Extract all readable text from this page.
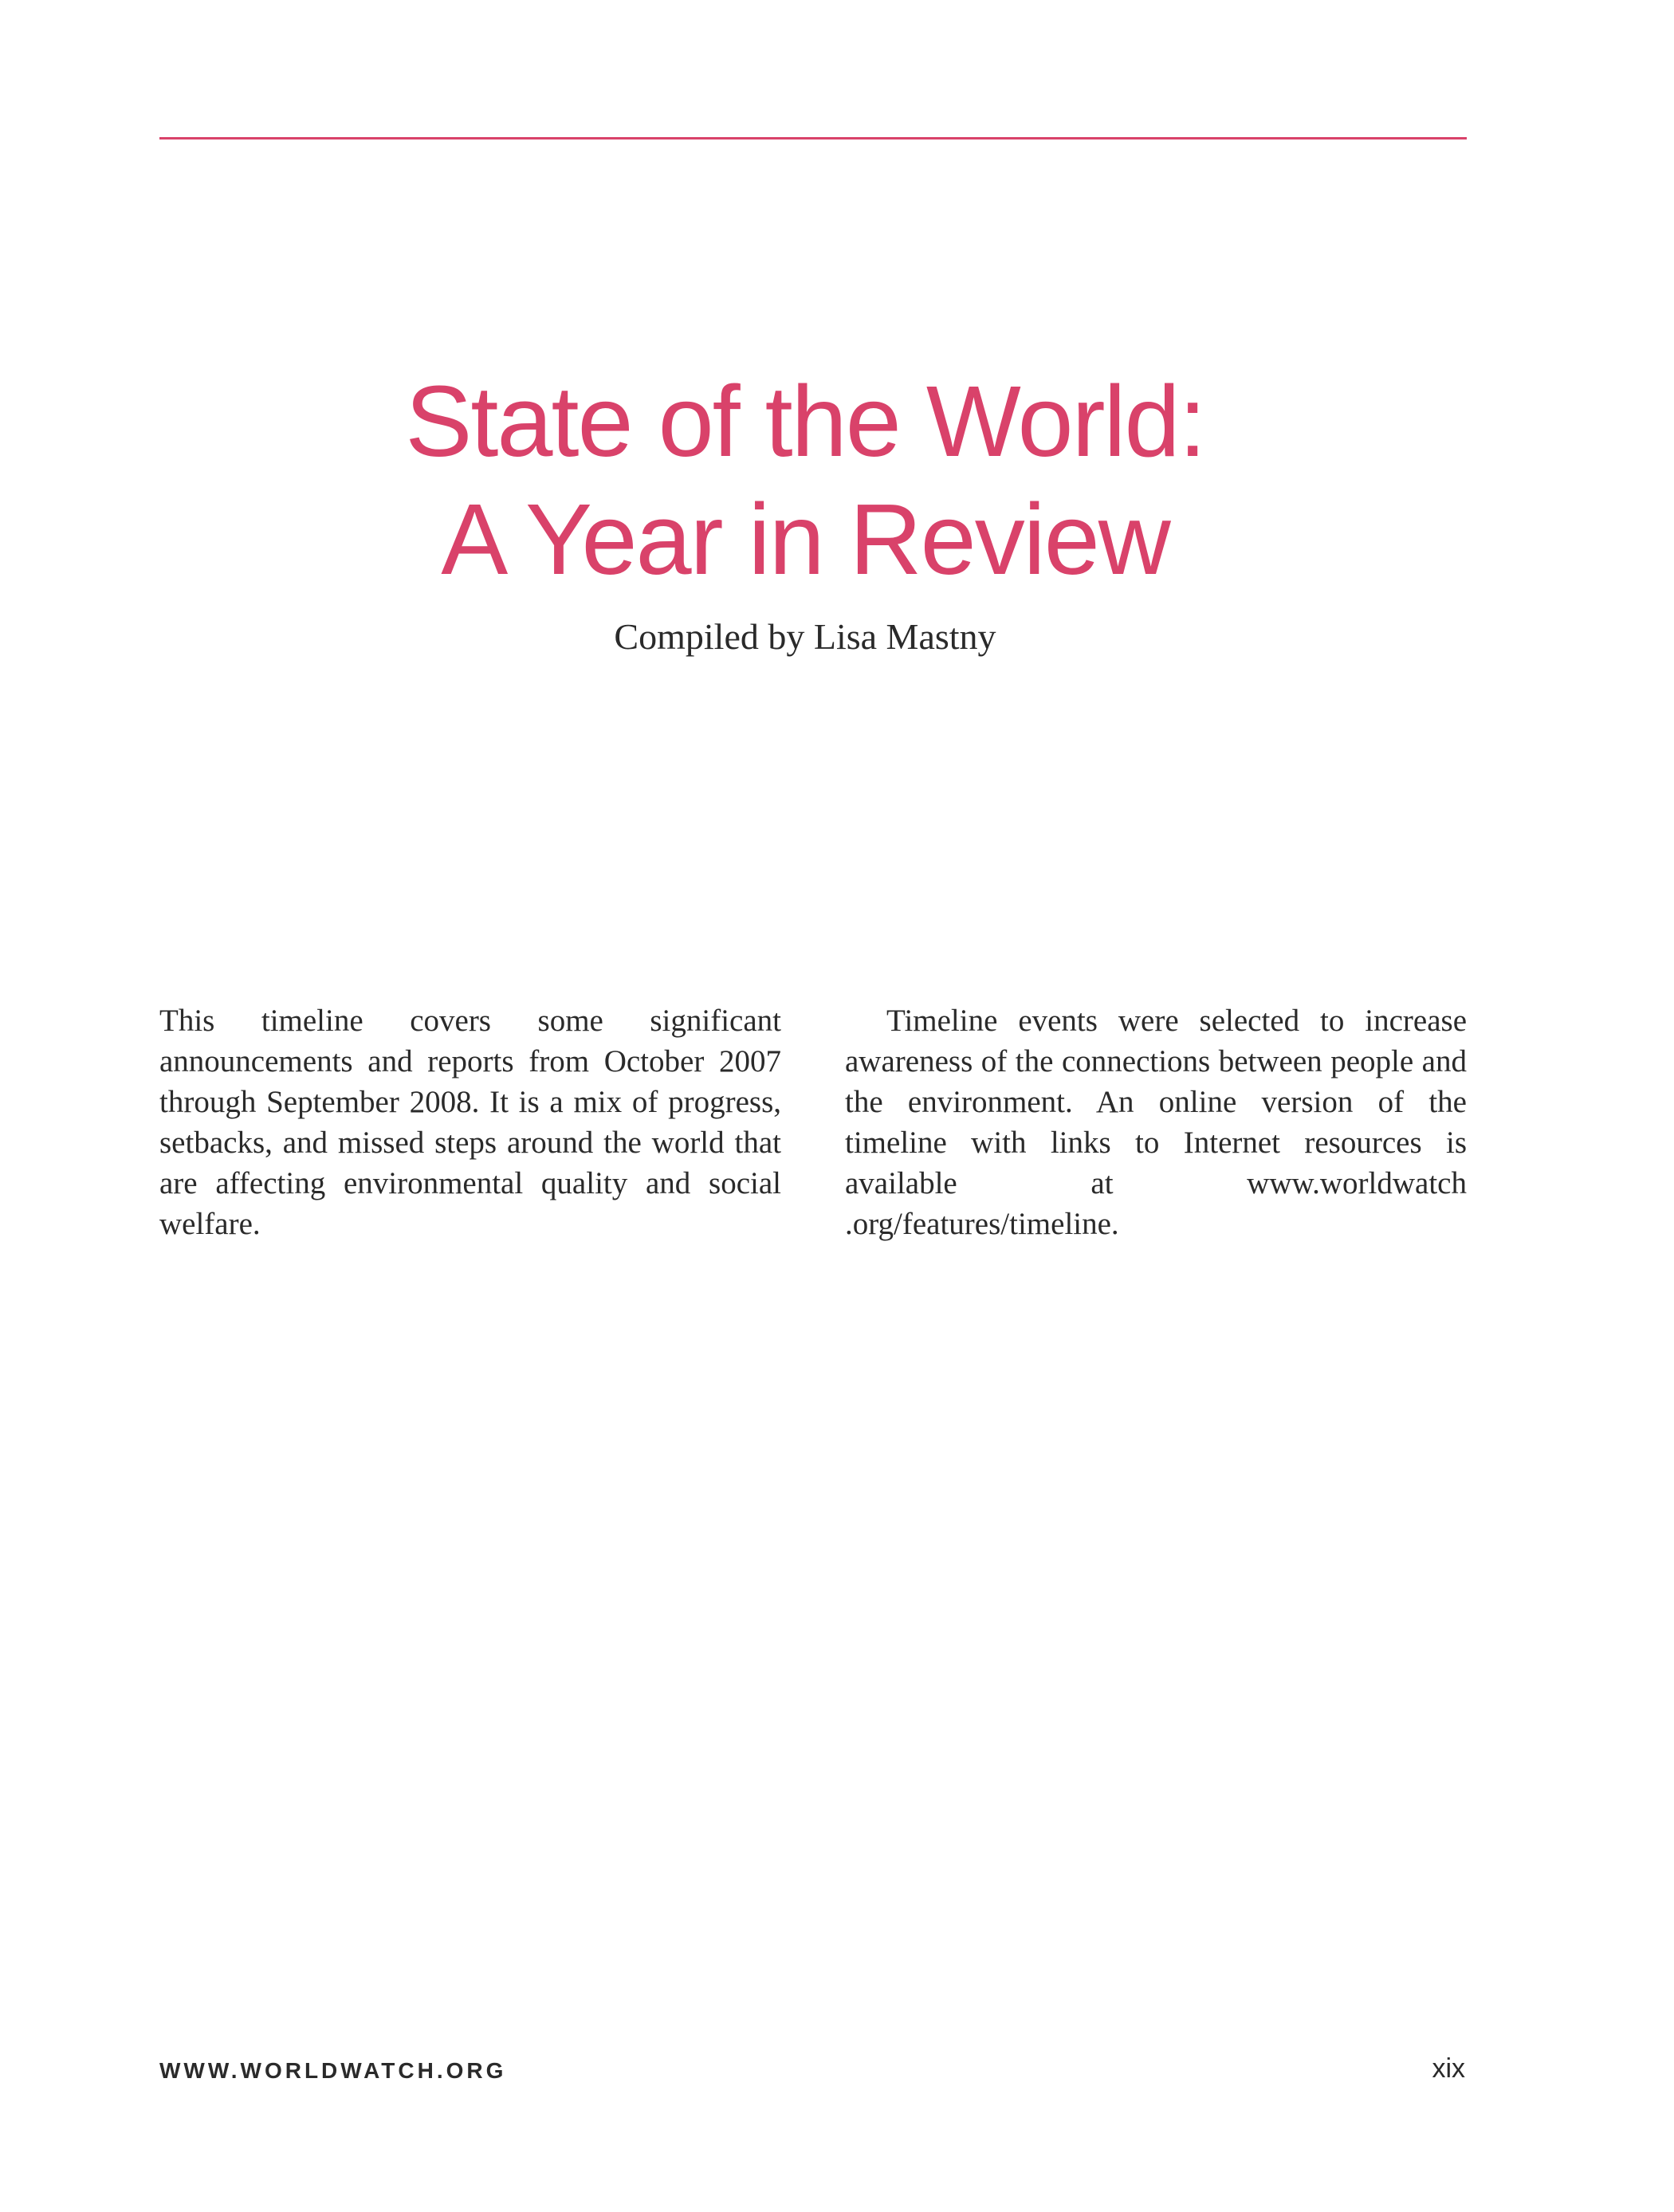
State of the World:
A Year in Review
Compiled by Lisa Mastny

This timeline covers some significant announcements and reports from October 2007 through September 2008. It is a mix of progress, setbacks, and missed steps around the world that are affecting environmental quality and social welfare.

Timeline events were selected to increase awareness of the connections between people and the environment. An online version of the timeline with links to Internet resources is available at www.worldwatch .org/features/timeline.

WWW.WORLDWATCH.ORG	xix
